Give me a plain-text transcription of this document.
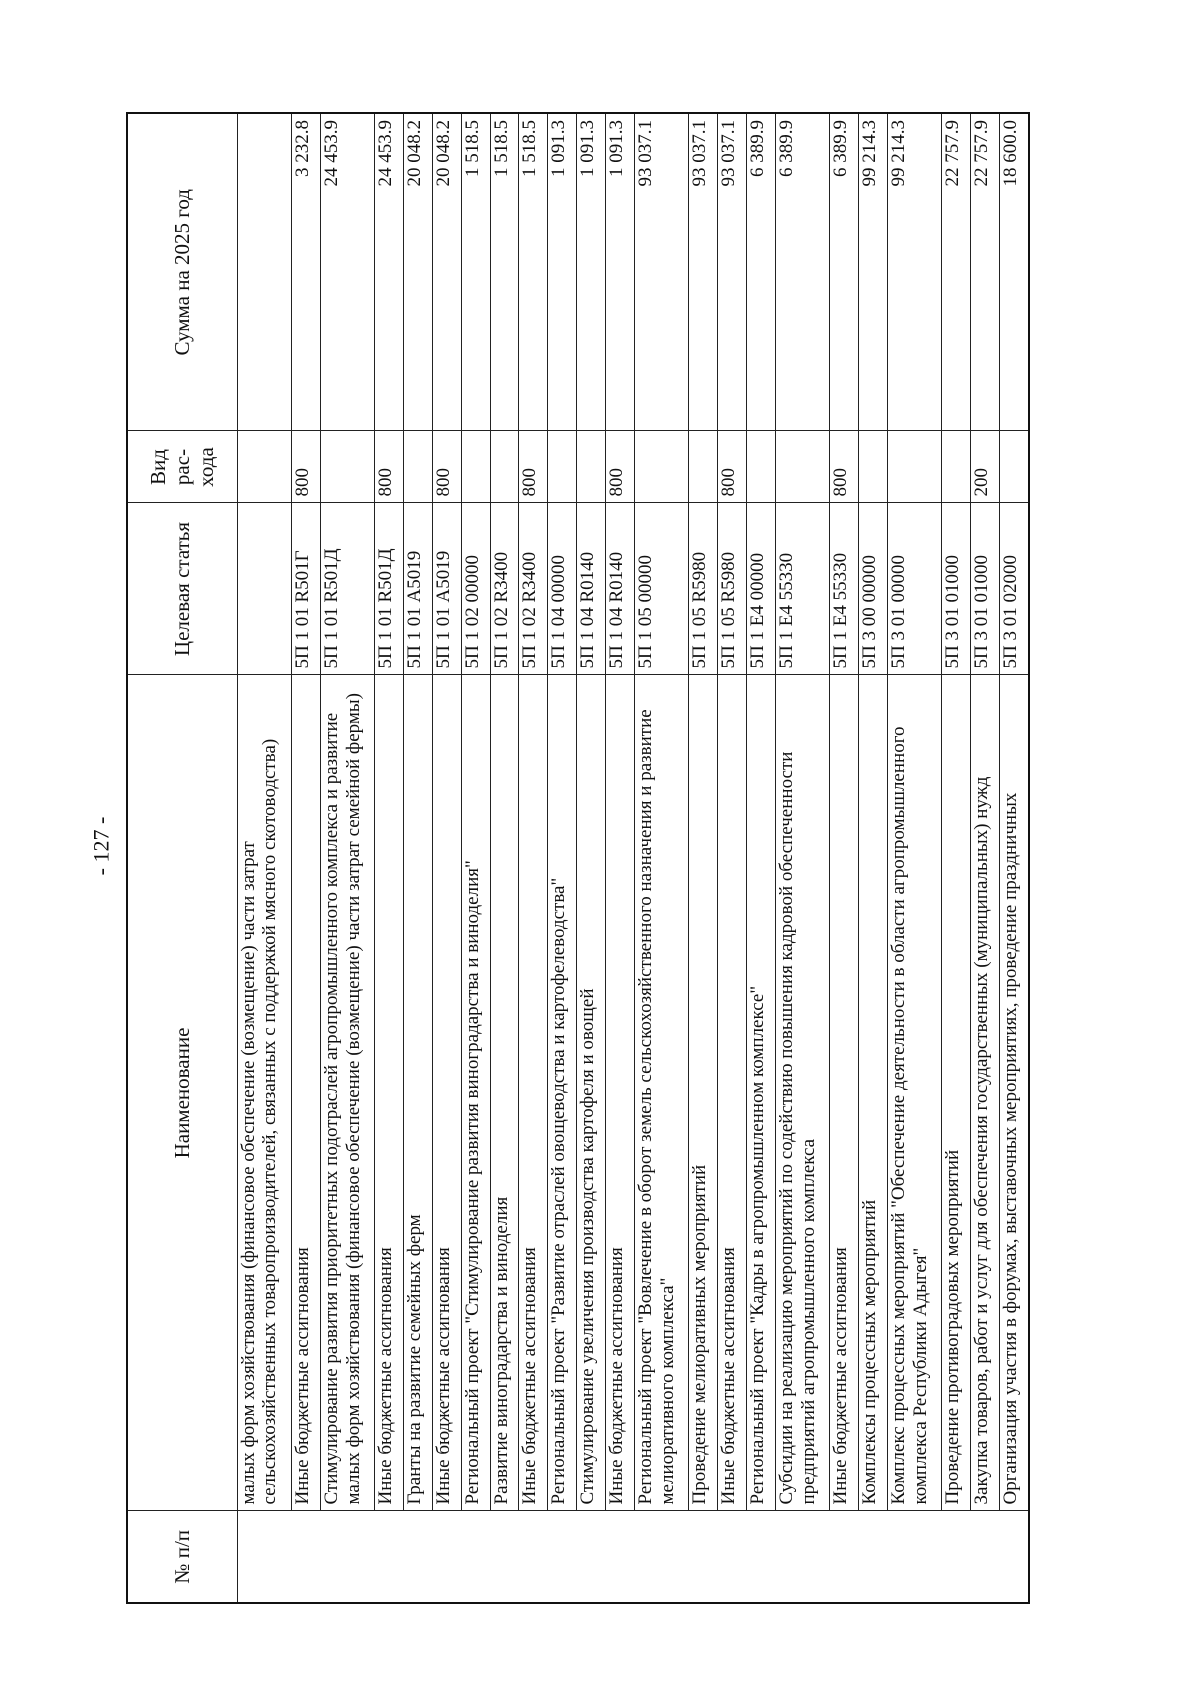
- 127 -
№ п/п	Наименование	Целевая статья	Вид рас- хода	Сумма на 2025 год
	малых форм хозяйствования (финансовое обеспечение (возмещение) части затрат сельскохозяйственных товаропроизводителей, связанных с поддержкой мясного скотоводства)			
	Иные бюджетные ассигнования	5П 1 01 R501Г	800	3 232.8
	Стимулирование развития приоритетных подотраслей агропромышленного комплекса и развитие малых форм хозяйствования (финансовое обеспечение (возмещение) части затрат семейной фермы)	5П 1 01 R501Д		24 453.9
	Иные бюджетные ассигнования	5П 1 01 R501Д	800	24 453.9
	Гранты на развитие семейных ферм	5П 1 01 А5019		20 048.2
	Иные бюджетные ассигнования	5П 1 01 А5019	800	20 048.2
	Региональный проект "Стимулирование развития виноградарства и виноделия"	5П 1 02 00000		1 518.5
	Развитие виноградарства и виноделия	5П 1 02 R3400		1 518.5
	Иные бюджетные ассигнования	5П 1 02 R3400	800	1 518.5
	Региональный проект "Развитие отраслей овощеводства и картофелеводства"	5П 1 04 00000		1 091.3
	Стимулирование увеличения производства картофеля и овощей	5П 1 04 R0140		1 091.3
	Иные бюджетные ассигнования	5П 1 04 R0140	800	1 091.3
	Региональный проект "Вовлечение в оборот земель сельскохозяйственного назначения и развитие мелиоративного комплекса"	5П 1 05 00000		93 037.1
	Проведение мелиоративных мероприятий	5П 1 05 R5980		93 037.1
	Иные бюджетные ассигнования	5П 1 05 R5980	800	93 037.1
	Региональный проект "Кадры в агропромышленном комплексе"	5П 1 Е4 00000		6 389.9
	Субсидии на реализацию мероприятий по содействию повышения кадровой обеспеченности предприятий агропромышленного комплекса	5П 1 Е4 55330		6 389.9
	Иные бюджетные ассигнования	5П 1 Е4 55330	800	6 389.9
	Комплексы процессных мероприятий	5П 3 00 00000		99 214.3
	Комплекс процессных мероприятий "Обеспечение деятельности в области агропромышленного комплекса Республики Адыгея"	5П 3 01 00000		99 214.3
	Проведение противоградовых мероприятий	5П 3 01 01000		22 757.9
	Закупка товаров, работ и услуг для обеспечения государственных (муниципальных) нужд	5П 3 01 01000	200	22 757.9
	Организация участия в форумах, выставочных мероприятиях, проведение праздничных	5П 3 01 02000		18 600.0
